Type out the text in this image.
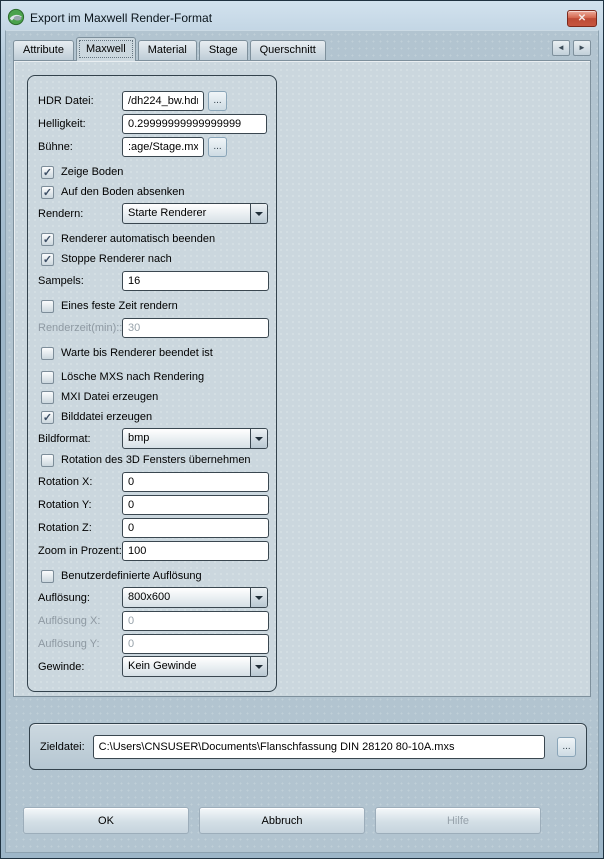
Export im Maxwell Render-Format	✕
Attribute	Maxwell	Material	Stage	Querschnitt	◄	►
HDR Datei:
/dh224_bw.hdr	...
Helligkeit:
0.29999999999999999
Bühne:
:age/Stage.mxs	...
✓ Zeige Boden
✓ Auf den Boden absenken
Rendern:	Starte Renderer
✓ Renderer automatisch beenden
✓ Stoppe Renderer nach
Sampels:
16
Eines feste Zeit rendern
Renderzeit(min)::
30
Warte bis Renderer beendet ist
Lösche MXS nach Rendering
MXI Datei erzeugen
✓ Bilddatei erzeugen
Bildformat:	bmp
Rotation des 3D Fensters übernehmen
Rotation X:
0
Rotation Y:
0
Rotation Z:
0
Zoom in Prozent:
100
Benutzerdefinierte Auflösung
Auflösung:	800x600
Auflösung X:
0
Auflösung Y:
0
Gewinde:	Kein Gewinde
Zieldatei:
C:\Users\CNSUSER\Documents\Flanschfassung DIN 28120 80-10A.mxs	...
OK	Abbruch	Hilfe
